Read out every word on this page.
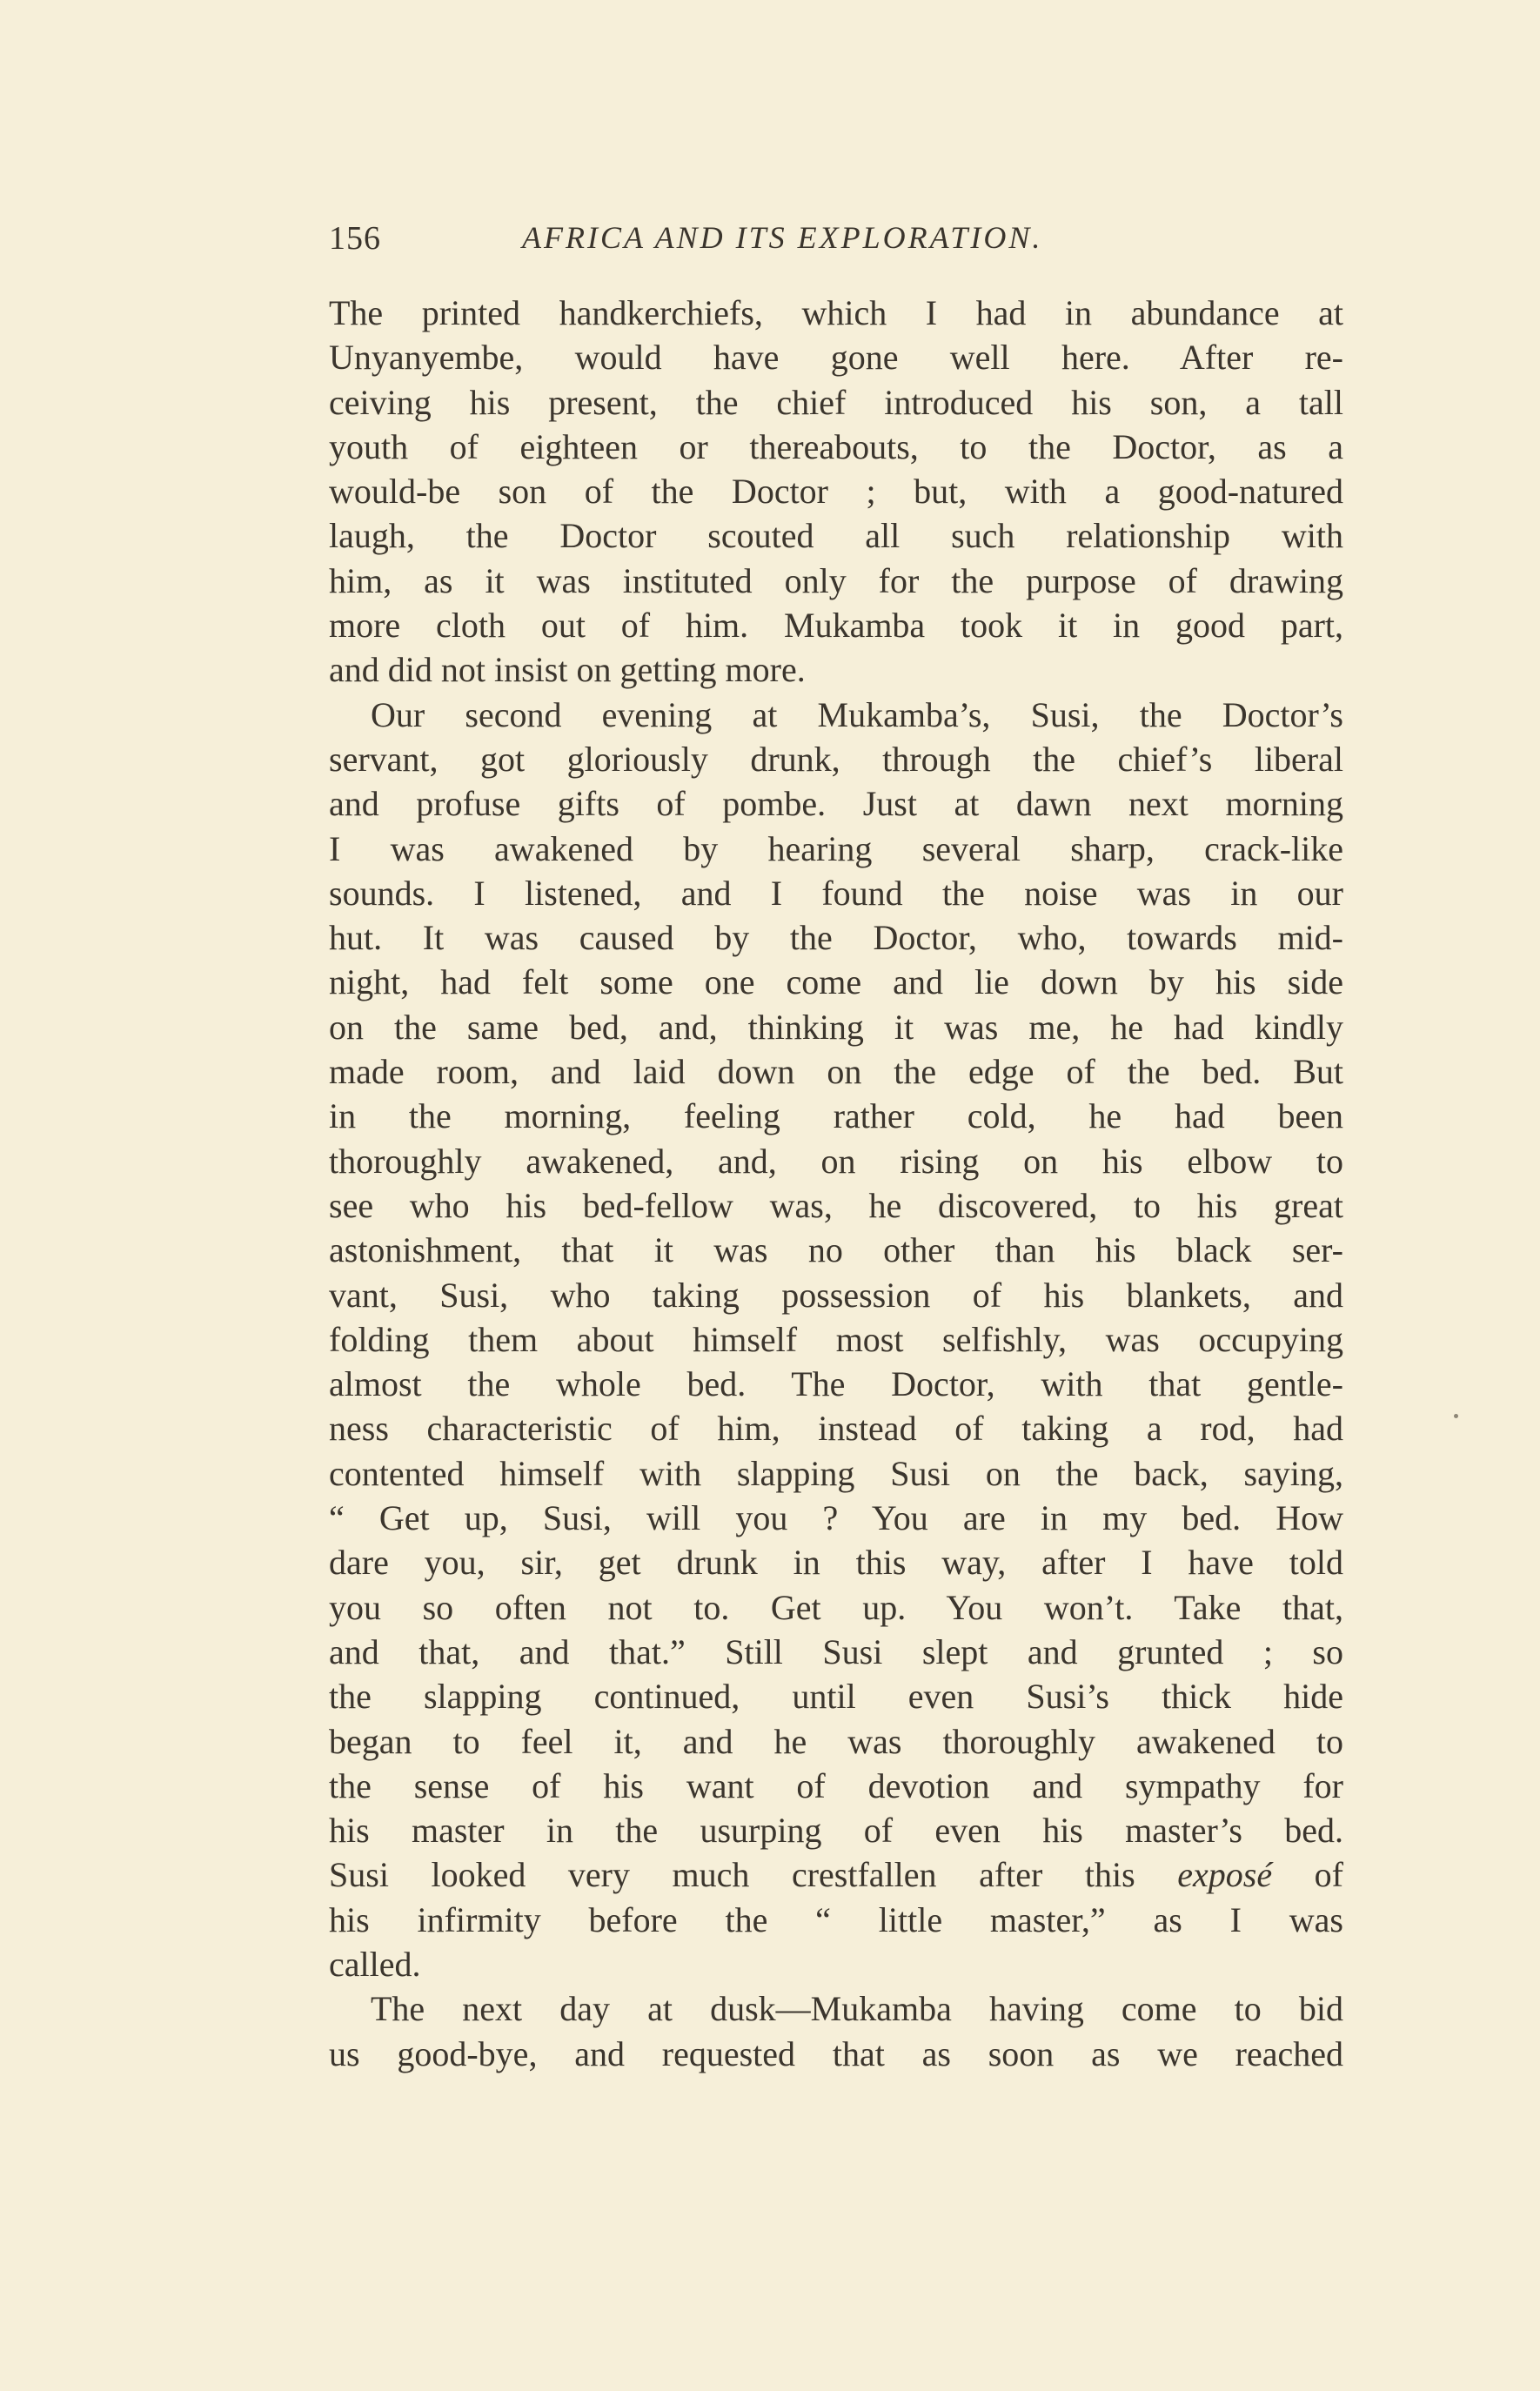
156	AFRICA AND ITS EXPLORATION.
The printed handkerchiefs, which I had in abundance at
Unyanyembe, would have gone well here. After re-
ceiving his present, the chief introduced his son, a tall
youth of eighteen or thereabouts, to the Doctor, as a
would-be son of the Doctor ; but, with a good-natured
laugh, the Doctor scouted all such relationship with
him, as it was instituted only for the purpose of drawing
more cloth out of him. Mukamba took it in good part,
and did not insist on getting more.
Our second evening at Mukamba’s, Susi, the Doctor’s
servant, got gloriously drunk, through the chief’s liberal
and profuse gifts of pombe. Just at dawn next morning
I was awakened by hearing several sharp, crack-like
sounds. I listened, and I found the noise was in our
hut. It was caused by the Doctor, who, towards mid-
night, had felt some one come and lie down by his side
on the same bed, and, thinking it was me, he had kindly
made room, and laid down on the edge of the bed. But
in the morning, feeling rather cold, he had been
thoroughly awakened, and, on rising on his elbow to
see who his bed-fellow was, he discovered, to his great
astonishment, that it was no other than his black ser-
vant, Susi, who taking possession of his blankets, and
folding them about himself most selfishly, was occupying
almost the whole bed. The Doctor, with that gentle-
ness characteristic of him, instead of taking a rod, had
contented himself with slapping Susi on the back, saying,
“ Get up, Susi, will you ? You are in my bed. How
dare you, sir, get drunk in this way, after I have told
you so often not to. Get up. You won’t. Take that,
and that, and that.” Still Susi slept and grunted ; so
the slapping continued, until even Susi’s thick hide
began to feel it, and he was thoroughly awakened to
the sense of his want of devotion and sympathy for
his master in the usurping of even his master’s bed.
Susi looked very much crestfallen after this exposé of
his infirmity before the “ little master,” as I was
called.
The next day at dusk—Mukamba having come to bid
us good-bye, and requested that as soon as we reached
